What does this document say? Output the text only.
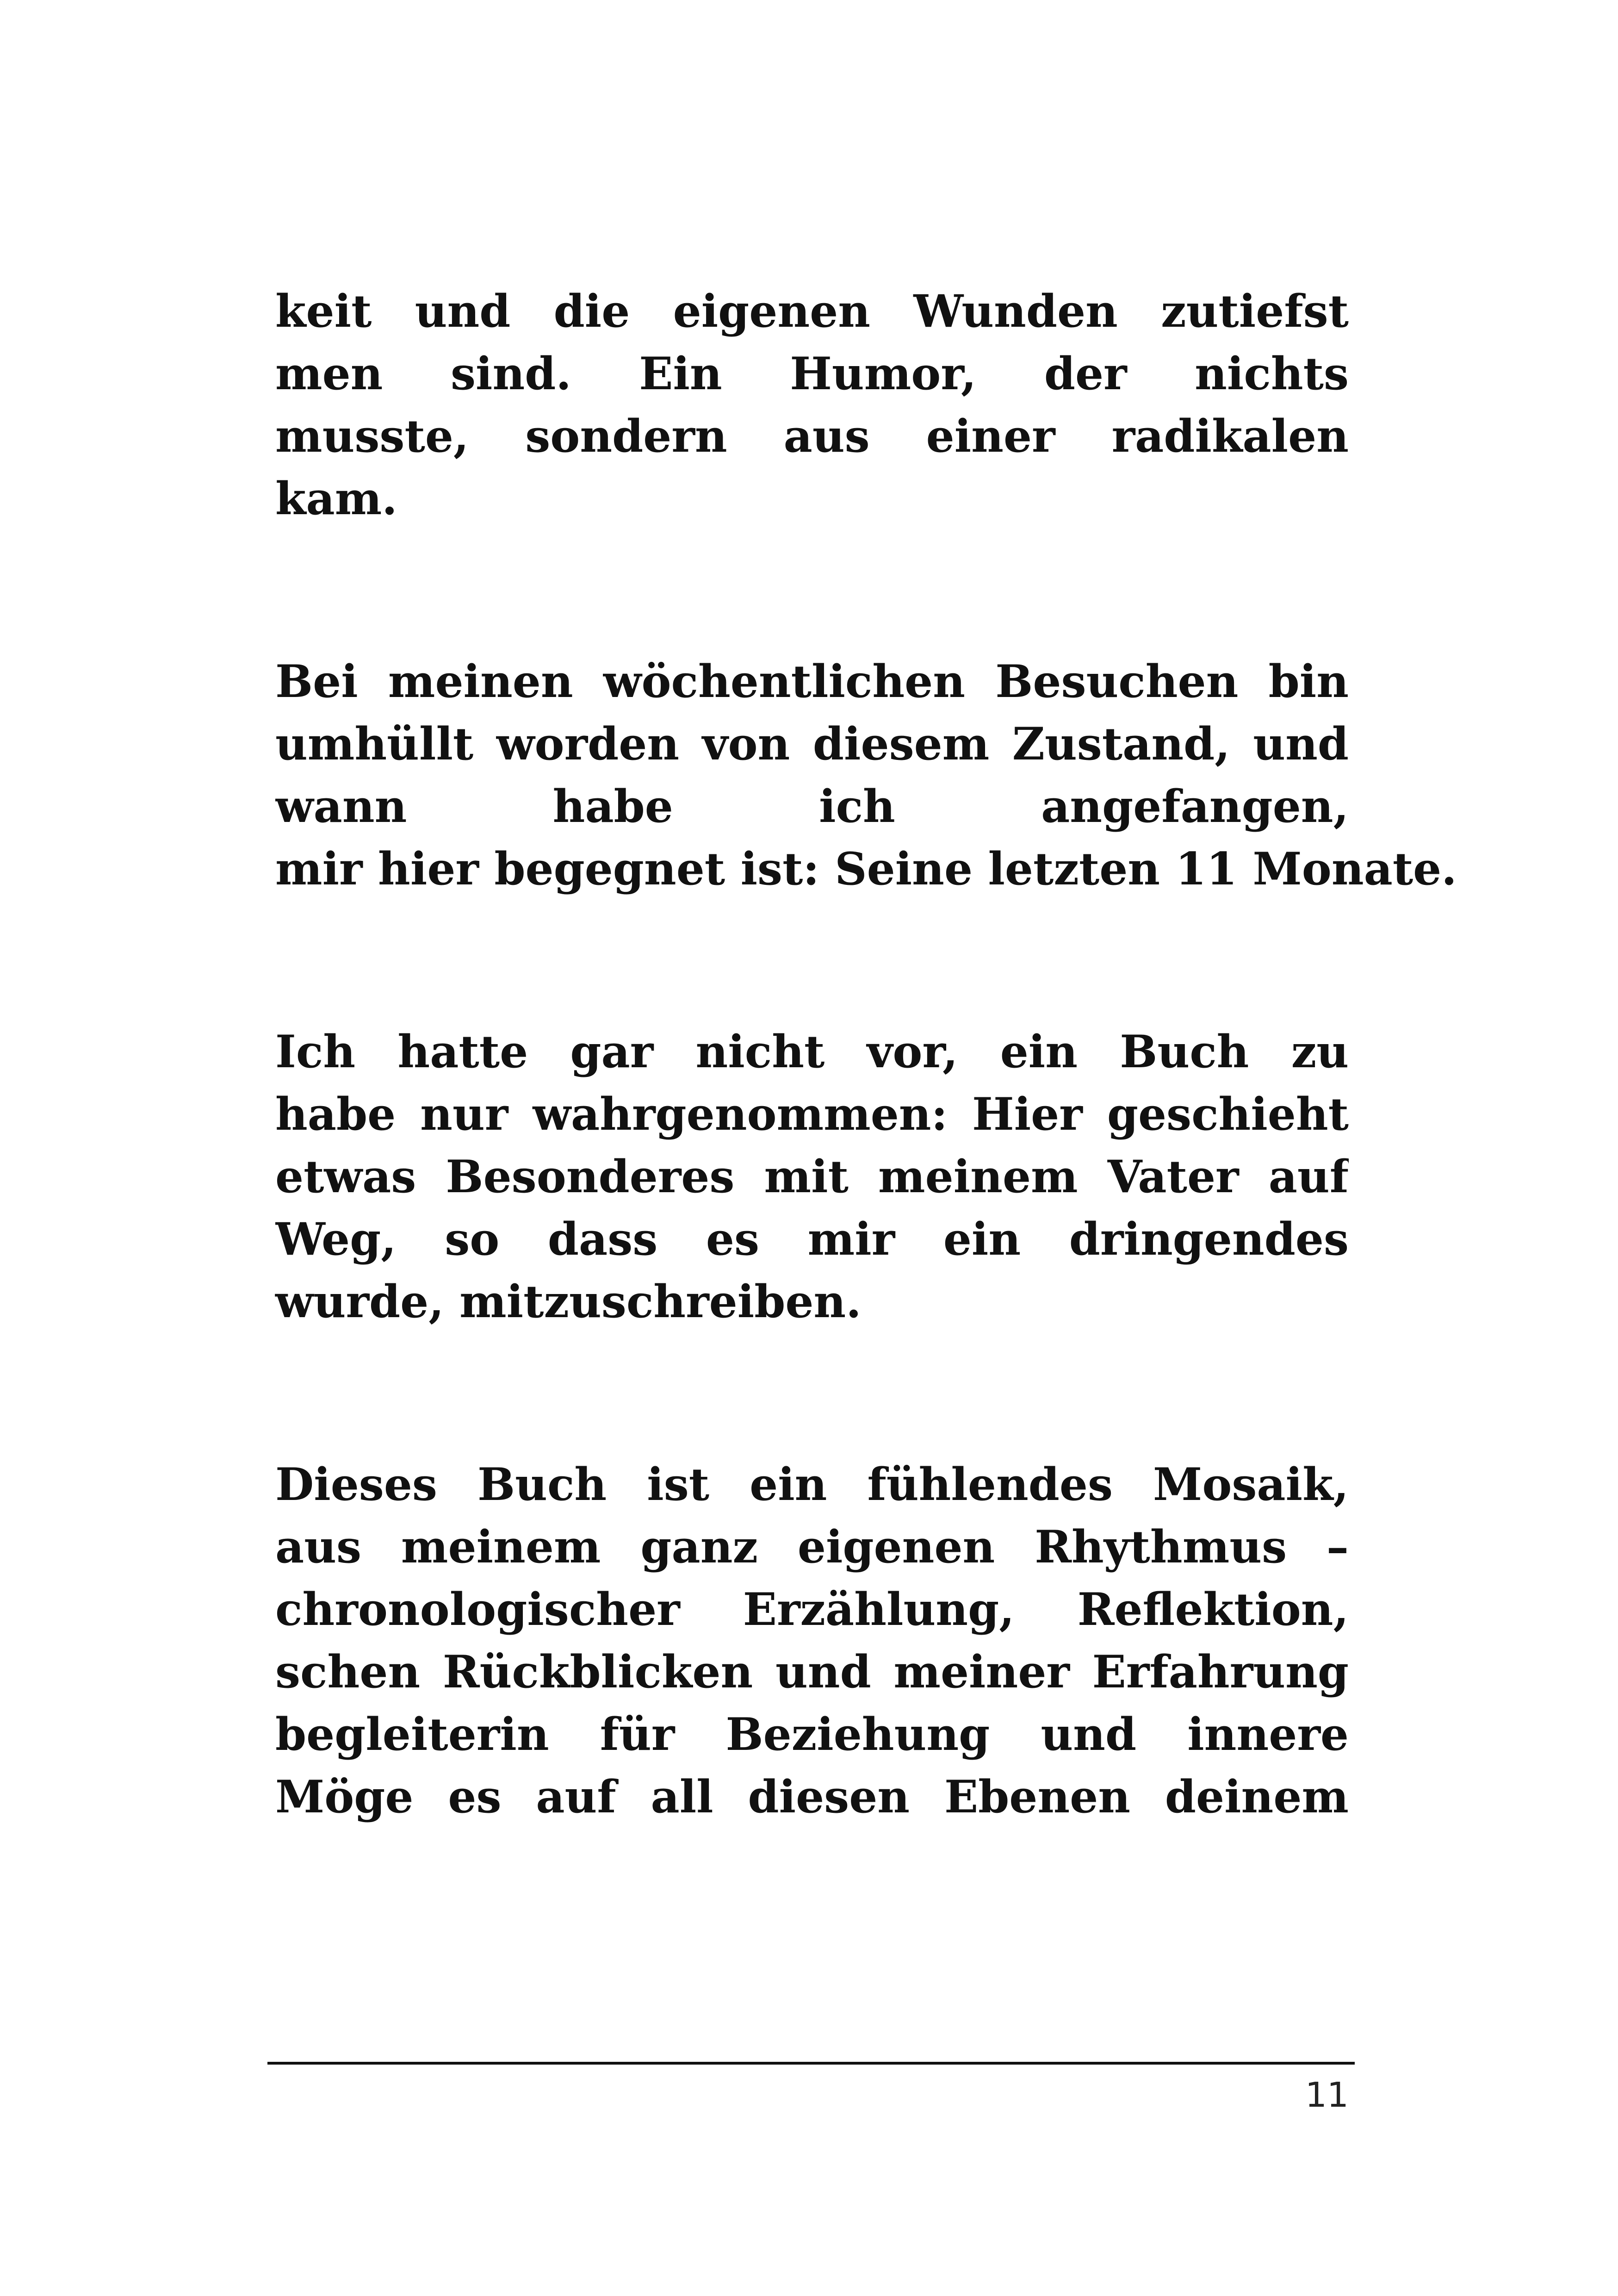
keit und die eigenen Wunden zutiefst
men sind. Ein Humor, der nichts
musste, sondern aus einer radikalen
kam.
Bei meinen wöchentlichen Besuchen bin
umhüllt worden von diesem Zustand, und
wann habe ich angefangen,
mir hier begegnet ist: Seine letzten 11 Monate.
Ich hatte gar nicht vor, ein Buch zu
habe nur wahrgenommen: Hier geschieht
etwas Besonderes mit meinem Vater auf
Weg, so dass es mir ein dringendes
wurde, mitzuschreiben.
Dieses Buch ist ein fühlendes Mosaik,
aus meinem ganz eigenen Rhythmus –
chronologischer Erzählung, Reflektion,
schen Rückblicken und meiner Erfahrung
begleiterin für Beziehung und innere
Möge es auf all diesen Ebenen deinem
11
